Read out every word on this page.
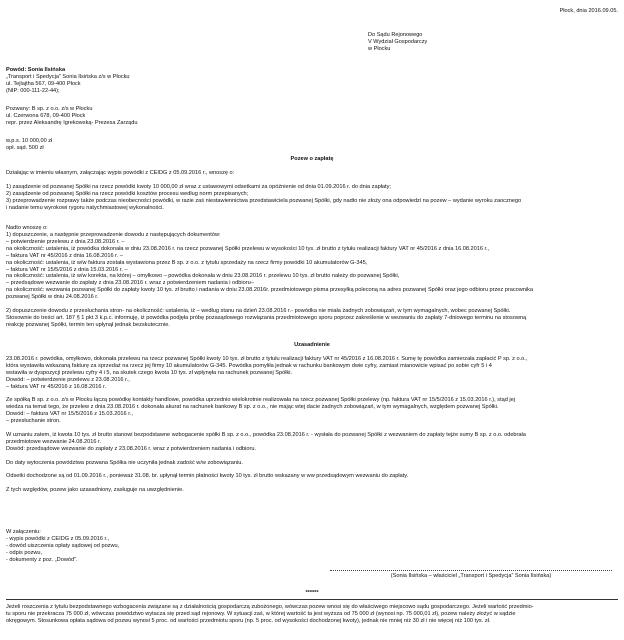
Płock, dnia 2016.09.05.
Do Sądu Rejonowego
V Wydział Gospodarczy
w Płocku
Powód: Sonia Ilsińska
„Transport i Spedycja” Sonia Ilsińska z/s w Płocku
ul. Tejlajtha 567, 09-400 Płock
(NIP: 000-111-22-44);
Pozwany: B sp. z o.o. z/s w Płocku
ul. Czerwona 678, 09-400 Płock
repr. przez Aleksandrę Igrekowską- Prezesa Zarządu
w.p.s. 10 000,00 zł
opł. sąd. 500 zł
Pozew o zapłatę
Działając w imieniu własnym, załączając wypis powódki z CEIDG z 05.09.2016 r., wnoszę o:
1) zasądzenie od pozwanej Spółki na rzecz powódki kwoty 10 000,00 zł wraz z ustawowymi odsetkami za opóźnienie od dnia 01.09.2016 r. do dnia zapłaty;
2) zasądzenie od pozwanej Spółki na rzecz powódki kosztów procesu według norm przepisanych;
3) przeprowadzenie rozprawy także podczas nieobecności powódki, w razie zaś niestawiennictwa przedstawiciela pozwanej Spółki, gdy nadto nie złoży ona odpowiedzi na pozew – wydanie wyroku zaocznego
i nadanie temu wyrokowi rygoru natychmiastowej wykonalności.
Nadto wnoszę o:
1) dopuszczenie, a następnie przeprowadzenie dowodu z następujących dokumentów:
– potwierdzenie przelewu z dnia 23.08.2016 r. –
na okoliczność: ustalenia, iż powódka dokonała w dniu 23.08.2016 r. na rzecz pozwanej Spółki przelewu w wysokości 10 tys. zł brutto z tytułu realizacji faktury VAT nr 45/2016 z dnia 16.08.2016 r.,
– faktura VAT nr 45/2016 z dnia 16.08.2016 r. –
na okoliczność: ustalenia, iż w/w faktura została wystawiona przez B sp. z o.o. z tytułu sprzedaży na rzecz firmy powódki 10 akumulatorów G-345,
– faktura VAT nr 15/5/2016 z dnia 15.03.2016 r. –
na okoliczność: ustalenia, iż w/w korekta, na której – omyłkowo – powódka dokonała w dniu 23.08.2016 r. przelewu 10 tys. zł brutto należy do pozwanej Spółki,
– przedsądowe wezwanie do zapłaty z dnia 23.08.2016 r. wraz z potwierdzeniem nadania i odbioru–
na okoliczność: wezwania pozwanej Spółki do zapłaty kwoty 10 tys. zł brutto i nadania w dniu 23.08.2016r. przedmiotowego pisma przesyłką poleconą na adres pozwanej Spółki oraz jego odbioru przez pracownika
pozwanej Spółki w dniu 24.08.2016 r.

2) dopuszczenie dowodu z przesłuchania stron- na okoliczność: ustalenia, iż – według stanu na dzień 23.08.2016 r.- powódka nie miała żadnych zobowiązań, w tym wymagalnych, wobec pozwanej Spółki.
Stosownie do treści art. 187 § 1 pkt 3 k.p.c. informuję, iż powódka podjęła próbę pozasądowego rozwiązania przedmiotowego sporu poprzez zakreślenie w wezwaniu do zapłaty 7-dniowego terminu na stosowną
reakcję pozwanej Spółki, termin ten upłynął jednak bezskutecznie.
Uzasadnienie
23.08.2016 r. powódka, omyłkowo, dokonała przelewu na rzecz pozwanej Spółki kwoty 10 tys. zł brutto z tytułu realizacji faktury VAT nr 45/2016 z 16.08.2016 r. Sumę tę powódka zamierzała zapłacić P sp. z o.o.,
która wystawiła wskazaną fakturę za sprzedaż na rzecz jej firmy 10 akumulatorów G-345. Powódka pomyliła jednak w rachunku bankowym dwie cyfry, zamiast mianowicie wpisać po sobie cyfr 5 i 4
wstawiła w dyspozycji przelewu cyfry 4 i 5, na skutek czego kwota 10 tys. zł wpłynęła na rachunek pozwanej Spółki.
Dowód: – potwierdzenie przelewu z 23.08.2016 r.,
– faktura VAT nr 45/2016 z 16.08.2016 r.

Ze spółką B sp. z o.o. z/s w Płocku łączą powódkę kontakty handlowe, powódka uprzednio wielokrotnie realizowała na rzecz pozwanej Spółki przelewy (np. faktura VAT nr 15/5/2016 z 15.03.2016 r.), stąd jej
wiedza na temat tego, że przelew z dnia 23.08.2016 r. dokonała akurat na rachunek bankowy B sp. z o.o., nie mając wtej dacie żadnych zobowiązań, w tym wymagalnych, względem pozwanej Spółki.
Dowód: – faktura VAT nr 15/5/2016 z 15.03.2016 r.,
– przesłuchanie stron.

W uznaniu zatem, iż kwota 10 tys. zł brutto stanowi bezpodstawne wzbogacenie spółki B sp. z o.o., powódka 23.08.2016 r. - wysłała do pozwanej Spółki z wezwaniem do zapłaty tejże sumy B sp. z o.o. odebrała
przedmiotowe wezwanie 24.08.2016 r.
Dowód: przedsądowe wezwanie do zapłaty z 23.08.2016 r. wraz z potwierdzeniem nadania i odbioru.

Do daty wytoczenia powództwa pozwana Spółka nie uczyniła jednak zadość w/w zobowiązaniu.

Odsetki dochodzone są od 01.09.2016 r., ponieważ 31.08. br. upłynął termin płatności kwoty 10 tys. zł brutto wskazany w ww przedsądowym wezwaniu do zapłaty.

Z tych względów, pozew jako uzasadniony, zasługuje na uwzględnienie.
W załączeniu:
- wypis powódki z CEIDG z 05.09.2016 r.,
- dowód uiszczenia opłaty sądowej od pozwu,
- odpis pozwu,
- dokumenty z poz. „Dowód”.
(Sonia Ilsińska – właściciel „Transport i Spedycja” Sonia Ilsińska)
******
Jeżeli roszczenia z tytułu bezpodstawnego wzbogacenia związane są z działalnością gospodarczą zubożonego, wówczas pozew wnosi się do właściwego miejscowo sądu gospodarczego. Jeżeli wartość przedmio-
tu sporu nie przekracza 75 000 zł, wówczas powództwo wytacza się przed sąd rejonowy. W sytuacji zaś, w której wartość ta jest wyższa od 75 000 zł (wynosi np. 75 000,01 zł), pozew należy złożyć w sądzie
okręgowym. Stosunkowa opłata sądowa od pozwu wynosi 5 proc. od wartości przedmiotu sporu (np. 5 proc. od wysokości dochodzonej kwoty), jednak nie mniej niż 30 zł i nie więcej niż 100 tys. zł.
